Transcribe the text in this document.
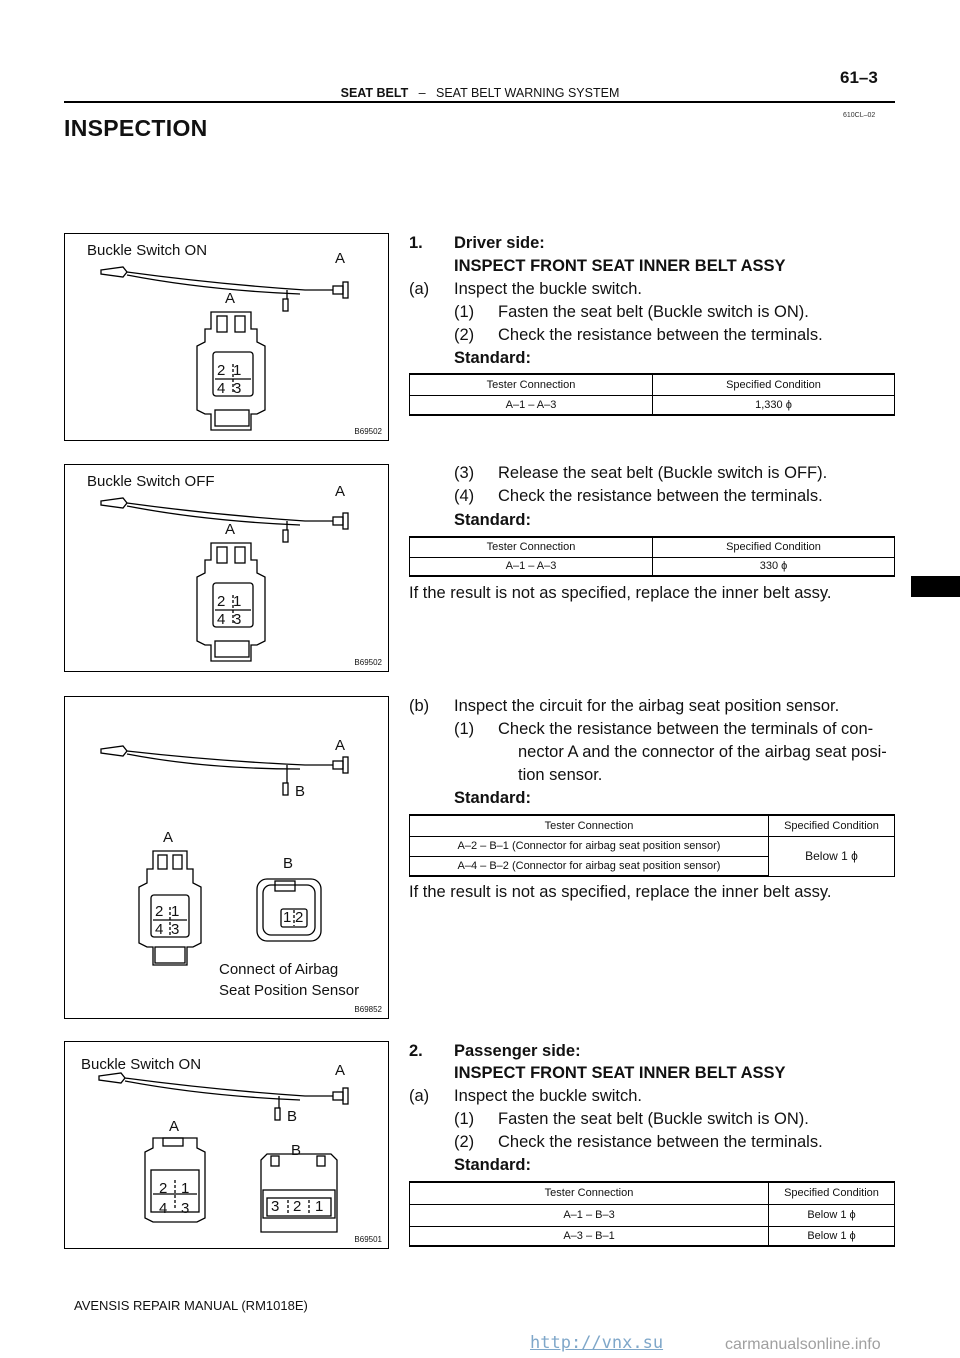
61–3
SEAT BELT – SEAT BELT WARNING SYSTEM
610CL–02
INSPECTION
Buckle Switch ON	A
A
2 1
4 3
B69502
Buckle Switch OFF
A
A
2 1
4 3
B69502
A
B
A
B
2 1
4 3
1 2
Connect of Airbag
Seat Position Sensor
B69852
Buckle Switch ON	A
B
A
B
2 1
4 3	3 2 1
B69501
1. Driver side:
INSPECT FRONT SEAT INNER BELT ASSY
(a) Inspect the buckle switch.
(1) Fasten the seat belt (Buckle switch is ON).
(2) Check the resistance between the terminals.
Standard:
Tester Connection	Specified Condition
A–1 – A–3	1,330 ϕ
(3) Release the seat belt (Buckle switch is OFF).
(4) Check the resistance between the terminals.
Standard:
Tester Connection	Specified Condition
A–1 – A–3	330 ϕ
If the result is not as specified, replace the inner belt assy.
(b) Inspect the circuit for the airbag seat position sensor.
(1) Check the resistance between the terminals of con-
nector A and the connector of the airbag seat posi-
tion sensor.
Standard:
Tester Connection	Specified Condition
A–2 – B–1 (Connector for airbag seat position sensor)	Below 1 ϕ
A–4 – B–2 (Connector for airbag seat position sensor)	
If the result is not as specified, replace the inner belt assy.
2. Passenger side:
INSPECT FRONT SEAT INNER BELT ASSY
(a) Inspect the buckle switch.
(1) Fasten the seat belt (Buckle switch is ON).
(2) Check the resistance between the terminals.
Standard:
Tester Connection	Specified Condition
A–1 – B–3	Below 1 ϕ
A–3 – B–1	Below 1 ϕ
AVENSIS REPAIR MANUAL (RM1018E)
http://vnx.su	carmanualsonline.info
